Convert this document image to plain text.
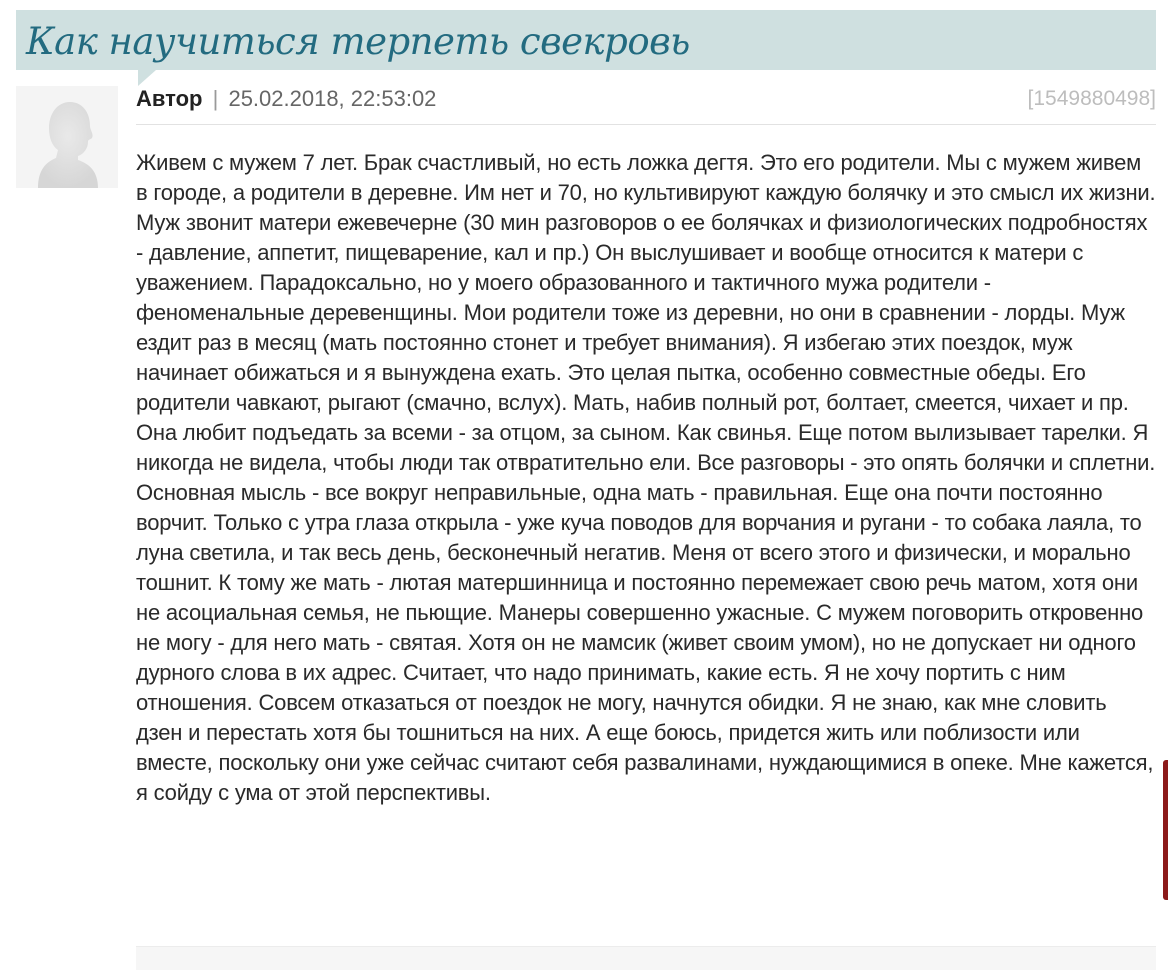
Как научиться терпеть свекровь
Автор | 25.02.2018, 22:53:02	[1549880498]

Живем с мужем 7 лет. Брак счастливый, но есть ложка дегтя. Это его родители. Мы с мужем живем в городе, а родители в деревне. Им нет и 70, но культивируют каждую болячку и это смысл их жизни. Муж звонит матери ежевечерне (30 мин разговоров о ее болячках и физиологических подробностях - давление, аппетит, пищеварение, кал и пр.) Он выслушивает и вообще относится к матери с уважением. Парадоксально, но у моего образованного и тактичного мужа родители - феноменальные деревенщины. Мои родители тоже из деревни, но они в сравнении - лорды. Муж ездит раз в месяц (мать постоянно стонет и требует внимания). Я избегаю этих поездок, муж начинает обижаться и я вынуждена ехать. Это целая пытка, особенно совместные обеды. Его родители чавкают, рыгают (смачно, вслух). Мать, набив полный рот, болтает, смеется, чихает и пр. Она любит подъедать за всеми - за отцом, за сыном. Как свинья. Еще потом вылизывает тарелки. Я никогда не видела, чтобы люди так отвратительно ели. Все разговоры - это опять болячки и сплетни. Основная мысль - все вокруг неправильные, одна мать - правильная. Еще она почти постоянно ворчит. Только с утра глаза открыла - уже куча поводов для ворчания и ругани - то собака лаяла, то луна светила, и так весь день, бесконечный негатив. Меня от всего этого и физически, и морально тошнит. К тому же мать - лютая матершинница и постоянно перемежает свою речь матом, хотя они не асоциальная семья, не пьющие. Манеры совершенно ужасные. С мужем поговорить откровенно не могу - для него мать - святая. Хотя он не мамсик (живет своим умом), но не допускает ни одного дурного слова в их адрес. Считает, что надо принимать, какие есть. Я не хочу портить с ним отношения. Совсем отказаться от поездок не могу, начнутся обидки. Я не знаю, как мне словить дзен и перестать хотя бы тошниться на них. А еще боюсь, придется жить или поблизости или вместе, поскольку они уже сейчас считают себя развалинами, нуждающимися в опеке. Мне кажется, я сойду с ума от этой перспективы.
